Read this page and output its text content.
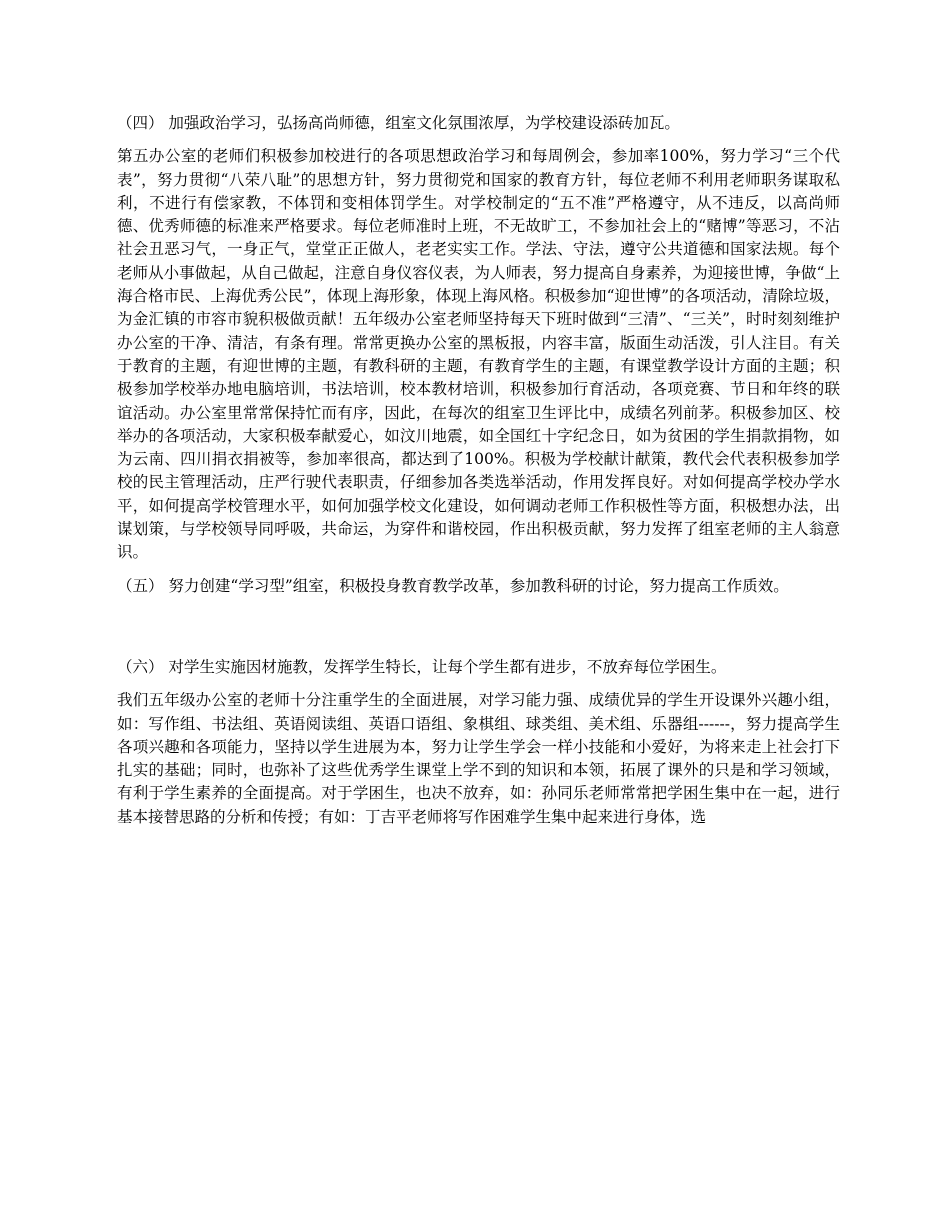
（四） 加强政治学习，弘扬高尚师德，组室文化氛围浓厚，为学校建设添砖加瓦。

第五办公室的老师们积极参加校进行的各项思想政治学习和每周例会，参加率100%，努力学习“三个代表”，努力贯彻“八荣八耻”的思想方针，努力贯彻党和国家的教育方针，每位老师不利用老师职务谋取私利，不进行有偿家教，不体罚和变相体罚学生。对学校制定的“五不准”严格遵守，从不违反，以高尚师德、优秀师德的标准来严格要求。每位老师准时上班，不无故旷工，不参加社会上的“赌博”等恶习，不沾社会丑恶习气，一身正气，堂堂正正做人，老老实实工作。学法、守法，遵守公共道德和国家法规。每个老师从小事做起，从自己做起，注意自身仪容仪表，为人师表，努力提高自身素养，为迎接世博，争做“上海合格市民、上海优秀公民”，体现上海形象，体现上海风格。积极参加“迎世博”的各项活动，清除垃圾，为金汇镇的市容市貌积极做贡献！五年级办公室老师坚持每天下班时做到“三清”、“三关”，时时刻刻维护办公室的干净、清洁，有条有理。常常更换办公室的黑板报，内容丰富，版面生动活泼，引人注目。有关于教育的主题，有迎世博的主题，有教科研的主题，有教育学生的主题，有课堂教学设计方面的主题；积极参加学校举办地电脑培训，书法培训，校本教材培训，积极参加行育活动，各项竞赛、节日和年终的联谊活动。办公室里常常保持忙而有序，因此，在每次的组室卫生评比中，成绩名列前茅。积极参加区、校举办的各项活动，大家积极奉献爱心，如汶川地震，如全国红十字纪念日，如为贫困的学生捐款捐物，如为云南、四川捐衣捐被等，参加率很高，都达到了100%。积极为学校献计献策，教代会代表积极参加学校的民主管理活动，庄严行驶代表职责，仔细参加各类选举活动，作用发挥良好。对如何提高学校办学水平，如何提高学校管理水平，如何加强学校文化建设，如何调动老师工作积极性等方面，积极想办法，出谋划策，与学校领导同呼吸，共命运，为穿件和谐校园，作出积极贡献，努力发挥了组室老师的主人翁意识。

（五） 努力创建“学习型”组室，积极投身教育教学改革，参加教科研的讨论，努力提高工作质效。

（六） 对学生实施因材施教，发挥学生特长，让每个学生都有进步，不放弃每位学困生。

我们五年级办公室的老师十分注重学生的全面进展，对学习能力强、成绩优异的学生开设课外兴趣小组，如：写作组、书法组、英语阅读组、英语口语组、象棋组、球类组、美术组、乐器组------，努力提高学生各项兴趣和各项能力，坚持以学生进展为本，努力让学生学会一样小技能和小爱好，为将来走上社会打下扎实的基础；同时，也弥补了这些优秀学生课堂上学不到的知识和本领，拓展了课外的只是和学习领域，有利于学生素养的全面提高。对于学困生，也决不放弃，如：孙同乐老师常常把学困生集中在一起，进行基本接替思路的分析和传授；有如：丁吉平老师将写作困难学生集中起来进行身体，选
